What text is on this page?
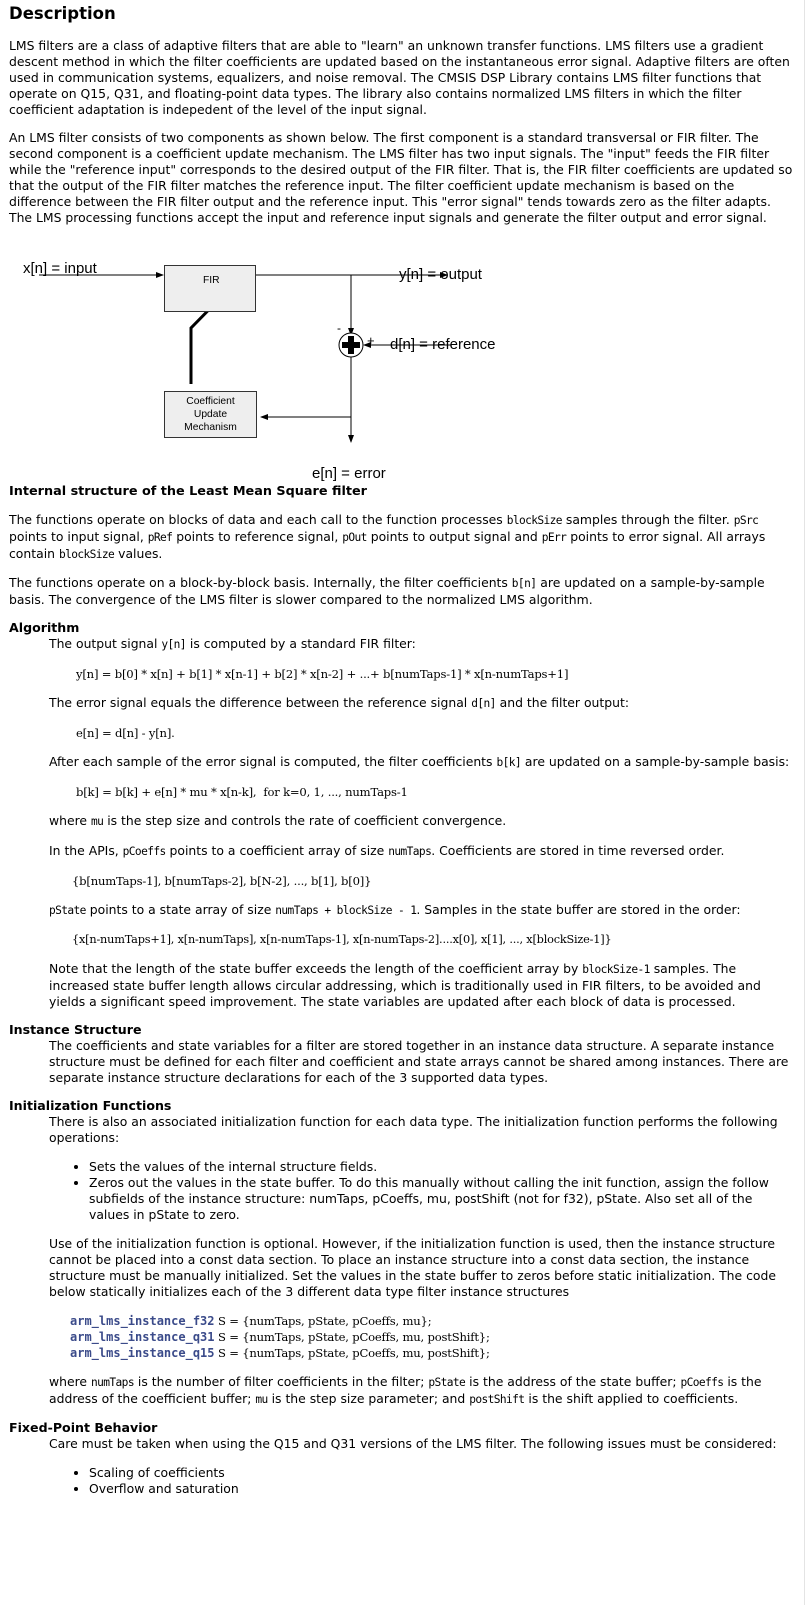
Description

LMS filters are a class of adaptive filters that are able to "learn" an unknown transfer functions. LMS filters use a gradient descent method in which the filter coefficients are updated based on the instantaneous error signal. Adaptive filters are often used in communication systems, equalizers, and noise removal. The CMSIS DSP Library contains LMS filter functions that operate on Q15, Q31, and floating-point data types. The library also contains normalized LMS filters in which the filter coefficient adaptation is indepedent of the level of the input signal.

An LMS filter consists of two components as shown below. The first component is a standard transversal or FIR filter. The second component is a coefficient update mechanism. The LMS filter has two input signals. The "input" feeds the FIR filter while the "reference input" corresponds to the desired output of the FIR filter. That is, the FIR filter coefficients are updated so that the output of the FIR filter matches the reference input. The filter coefficient update mechanism is based on the difference between the FIR filter output and the reference input. This "error signal" tends towards zero as the filter adapts. The LMS processing functions accept the input and reference input signals and generate the filter output and error signal.

x[n] = input
FIR	y[n] = output
-
+ d[n] = reference
Coefficient
Update
Mechanism
e[n] = error

Internal structure of the Least Mean Square filter

The functions operate on blocks of data and each call to the function processes blockSize samples through the filter. pSrc points to input signal, pRef points to reference signal, pOut points to output signal and pErr points to error signal. All arrays contain blockSize values.

The functions operate on a block-by-block basis. Internally, the filter coefficients b[n] are updated on a sample-by-sample basis. The convergence of the LMS filter is slower compared to the normalized LMS algorithm.

Algorithm

The output signal y[n] is computed by a standard FIR filter:

y[n] = b[0] * x[n] + b[1] * x[n-1] + b[2] * x[n-2] + ...+ b[numTaps-1] * x[n-numTaps+1]

The error signal equals the difference between the reference signal d[n] and the filter output:

e[n] = d[n] - y[n].

After each sample of the error signal is computed, the filter coefficients b[k] are updated on a sample-by-sample basis:

b[k] = b[k] + e[n] * mu * x[n-k],  for k=0, 1, ..., numTaps-1

where mu is the step size and controls the rate of coefficient convergence.

In the APIs, pCoeffs points to a coefficient array of size numTaps. Coefficients are stored in time reversed order.

{b[numTaps-1], b[numTaps-2], b[N-2], ..., b[1], b[0]}

pState points to a state array of size numTaps + blockSize - 1. Samples in the state buffer are stored in the order:

{x[n-numTaps+1], x[n-numTaps], x[n-numTaps-1], x[n-numTaps-2]....x[0], x[1], ..., x[blockSize-1]}

Note that the length of the state buffer exceeds the length of the coefficient array by blockSize-1 samples. The increased state buffer length allows circular addressing, which is traditionally used in FIR filters, to be avoided and yields a significant speed improvement. The state variables are updated after each block of data is processed.

Instance Structure

The coefficients and state variables for a filter are stored together in an instance data structure. A separate instance structure must be defined for each filter and coefficient and state arrays cannot be shared among instances. There are separate instance structure declarations for each of the 3 supported data types.

Initialization Functions

There is also an associated initialization function for each data type. The initialization function performs the following operations:

• Sets the values of the internal structure fields.
• Zeros out the values in the state buffer. To do this manually without calling the init function, assign the follow subfields of the instance structure: numTaps, pCoeffs, mu, postShift (not for f32), pState. Also set all of the values in pState to zero.

Use of the initialization function is optional. However, if the initialization function is used, then the instance structure cannot be placed into a const data section. To place an instance structure into a const data section, the instance structure must be manually initialized. Set the values in the state buffer to zeros before static initialization. The code below statically initializes each of the 3 different data type filter instance structures

arm_lms_instance_f32 S = {numTaps, pState, pCoeffs, mu};
arm_lms_instance_q31 S = {numTaps, pState, pCoeffs, mu, postShift};
arm_lms_instance_q15 S = {numTaps, pState, pCoeffs, mu, postShift};

where numTaps is the number of filter coefficients in the filter; pState is the address of the state buffer; pCoeffs is the address of the coefficient buffer; mu is the step size parameter; and postShift is the shift applied to coefficients.

Fixed-Point Behavior

Care must be taken when using the Q15 and Q31 versions of the LMS filter. The following issues must be considered:

• Scaling of coefficients
• Overflow and saturation
